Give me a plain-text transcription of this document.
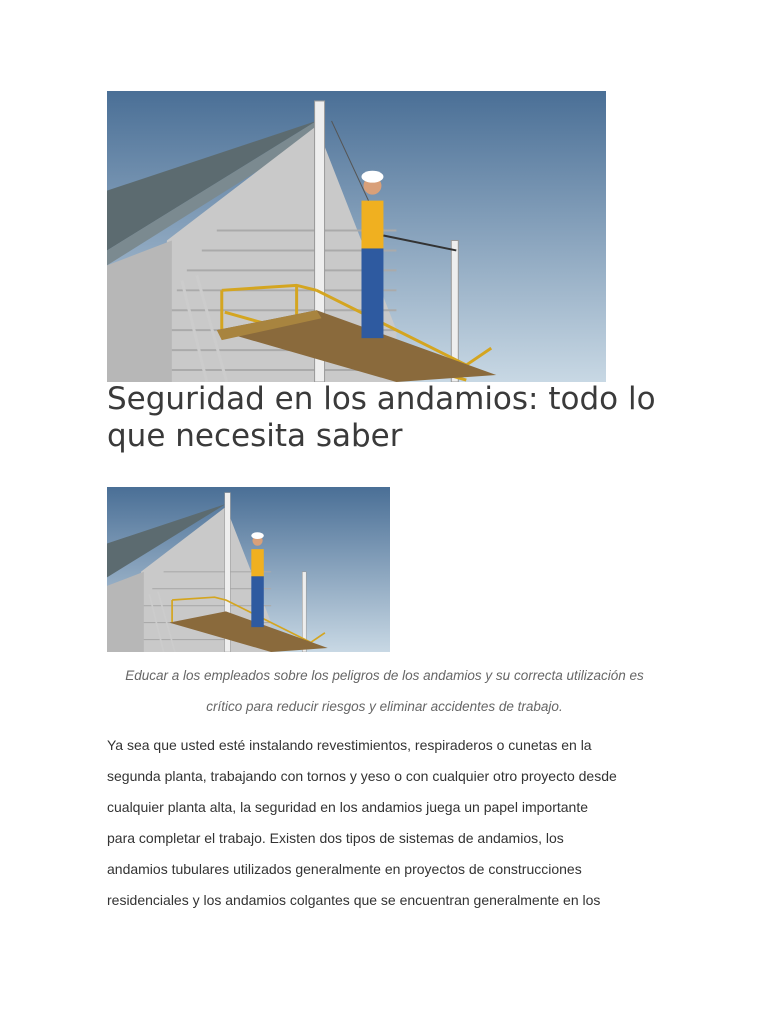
Seguridad en los andamios: todo lo que necesita saber
Educar a los empleados sobre los peligros de los andamios y su correcta utilización es
crítico para reducir riesgos y eliminar accidentes de trabajo.
Ya sea que usted esté instalando revestimientos, respiraderos o cunetas en la
segunda planta, trabajando con tornos y yeso o con cualquier otro proyecto desde
cualquier planta alta, la seguridad en los andamios juega un papel importante
para completar el trabajo. Existen dos tipos de sistemas de andamios, los
andamios tubulares utilizados generalmente en proyectos de construcciones
residenciales y los andamios colgantes que se encuentran generalmente en los
